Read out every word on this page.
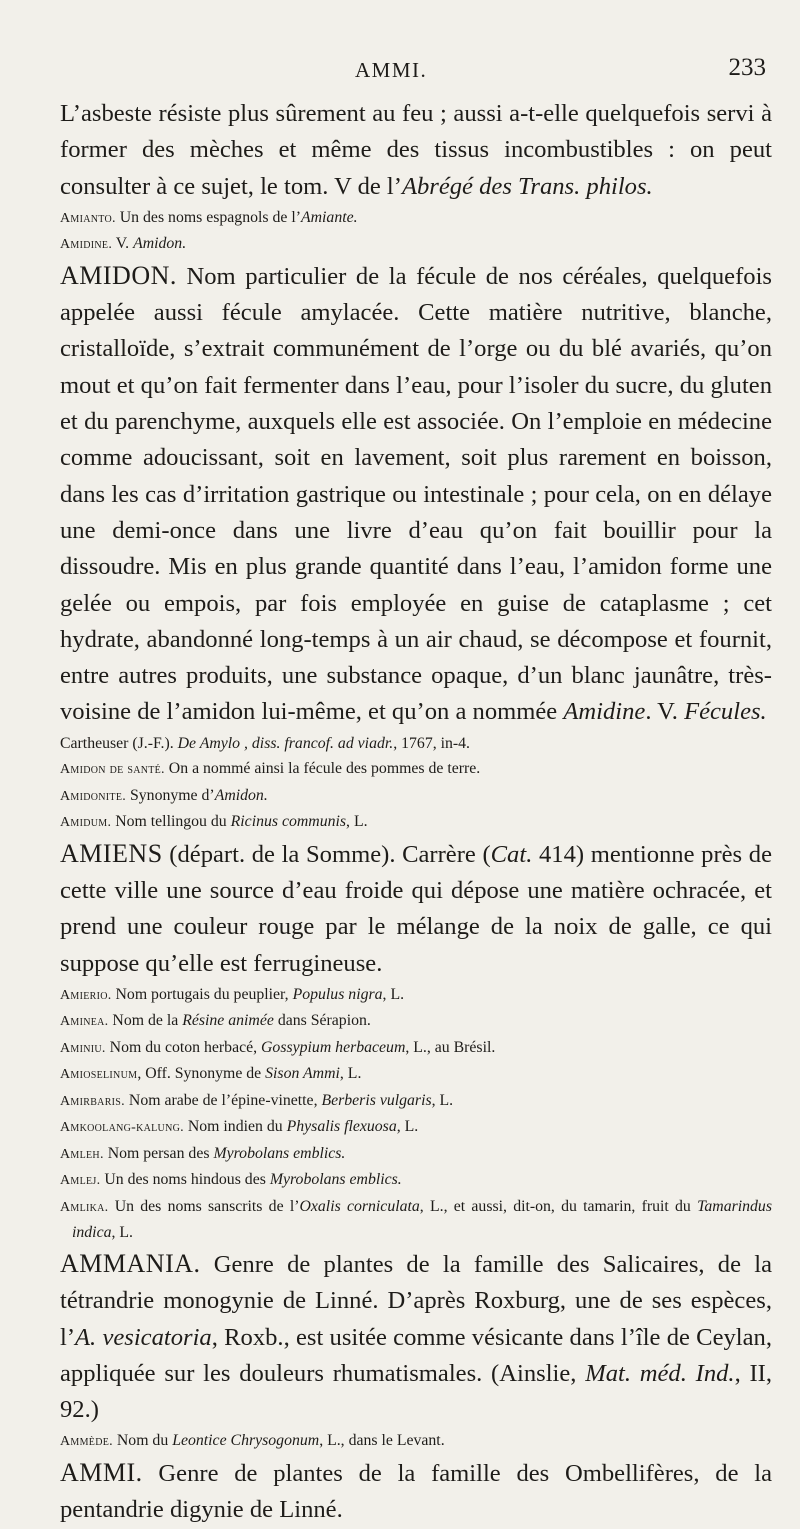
AMMI.	233

L’asbeste résiste plus sûrement au feu ; aussi a-t-elle quelquefois servi à former des mèches et même des tissus incombustibles : on peut consulter à ce sujet, le tom. V de l’Abrégé des Trans. philos.

Amianto. Un des noms espagnols de l’Amiante.

Amidine. V. Amidon.

AMIDON. Nom particulier de la fécule de nos céréales, quelquefois appelée aussi fécule amylacée. Cette matière nutritive, blanche, cristalloïde, s’extrait communément de l’orge ou du blé avariés, qu’on mout et qu’on fait fermenter dans l’eau, pour l’isoler du sucre, du gluten et du parenchyme, auxquels elle est associée. On l’emploie en médecine comme adoucissant, soit en lavement, soit plus rarement en boisson, dans les cas d’irritation gastrique ou intestinale ; pour cela, on en délaye une demi-once dans une livre d’eau qu’on fait bouillir pour la dissoudre. Mis en plus grande quantité dans l’eau, l’amidon forme une gelée ou empois, par fois employée en guise de cataplasme ; cet hydrate, abandonné long-temps à un air chaud, se décompose et fournit, entre autres produits, une substance opaque, d’un blanc jaunâtre, très-voisine de l’amidon lui-même, et qu’on a nommée Amidine. V. Fécules.

Cartheuser (J.-F.). De Amylo , diss. francof. ad viadr., 1767, in-4.

Amidon de santé. On a nommé ainsi la fécule des pommes de terre.

Amidonite. Synonyme d’Amidon.

Amidum. Nom tellingou du Ricinus communis, L.

AMIENS (départ. de la Somme). Carrère (Cat. 414) mentionne près de cette ville une source d’eau froide qui dépose une matière ochracée, et prend une couleur rouge par le mélange de la noix de galle, ce qui suppose qu’elle est ferrugineuse.

Amierio. Nom portugais du peuplier, Populus nigra, L.

Aminea. Nom de la Résine animée dans Sérapion.

Aminiu. Nom du coton herbacé, Gossypium herbaceum, L., au Brésil.

Amioselinum, Off. Synonyme de Sison Ammi, L.

Amirbaris. Nom arabe de l’épine-vinette, Berberis vulgaris, L.

Amkoolang-kalung. Nom indien du Physalis flexuosa, L.

Amleh. Nom persan des Myrobolans emblics.

Amlej. Un des noms hindous des Myrobolans emblics.

Amlika. Un des noms sanscrits de l’Oxalis corniculata, L., et aussi, dit-on, du tamarin, fruit du Tamarindus indica, L.

AMMANIA. Genre de plantes de la famille des Salicaires, de la tétrandrie monogynie de Linné. D’après Roxburg, une de ses espèces, l’A. vesicatoria, Roxb., est usitée comme vésicante dans l’île de Ceylan, appliquée sur les douleurs rhumatismales. (Ainslie, Mat. méd. Ind., II, 92.)

Ammède. Nom du Leontice Chrysogonum, L., dans le Levant.

AMMI. Genre de plantes de la famille des Ombellifères, de la pentandrie digynie de Linné.
